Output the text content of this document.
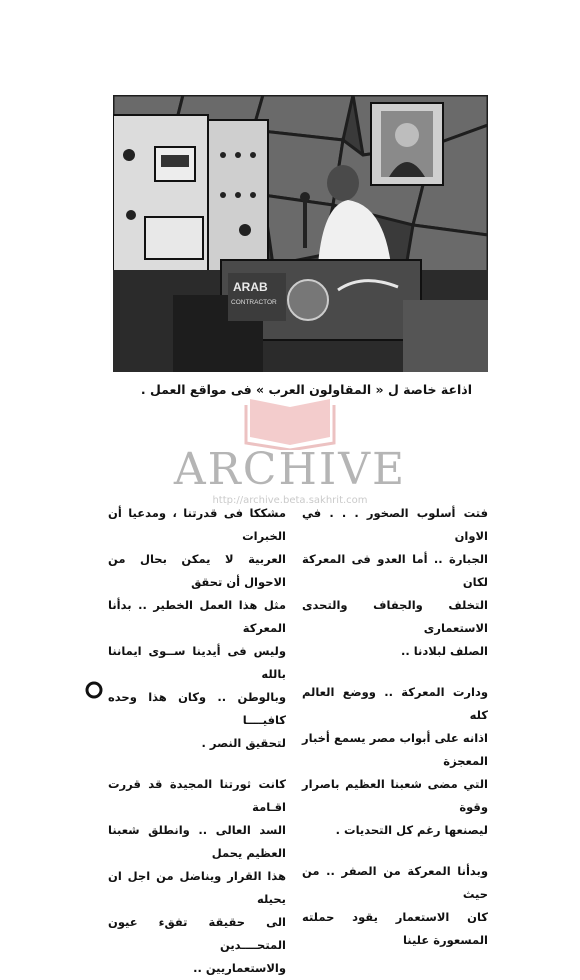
ARAB
CONTRACTOR
اذاعة خاصة ل « المقاولون العرب » فى مواقع العمل .
ARCHIVE
http://archive.beta.sakhrit.com

فتت أسلوب الصخور . . . في الاوان

الجبارة .. أما العدو فى المعركة لكان

التخلف والجفاف والتحدى الاستعمارى

الصلف لبلادنا ..

ودارت المعركة .. ووضع العالم كله

اذانه على أبواب مصر يسمع أخبار المعجزة

التي مضى شعبنا العظيم باصرار وقوة

ليصنعها رغم كل التحديات .

وبدأنا المعركة من الصفر .. من حيث

كان الاستعمار يقود حملته المسعورة علينا

مشككا فى قدرتنا ، ومدعيا أن الخبرات

العربية لا يمكن بحال من الاحوال أن تحقق

مثل هذا العمل الخطير .. بدأنا المعركة

وليس فى أيدينا ســوى ايماننا بالله

وبالوطن .. وكان هذا وحده كافيــــا

لتحقيق النصر .

كانت ثورتنا المجيدة قد قررت اقـامة

السد العالى .. وانطلق شعبنا العظيم يحمل

هذا القرار ويناضل من اجل ان يحيله

الى حقيقة تفقء عيون المتحــــدين

والاستعماريين ..
